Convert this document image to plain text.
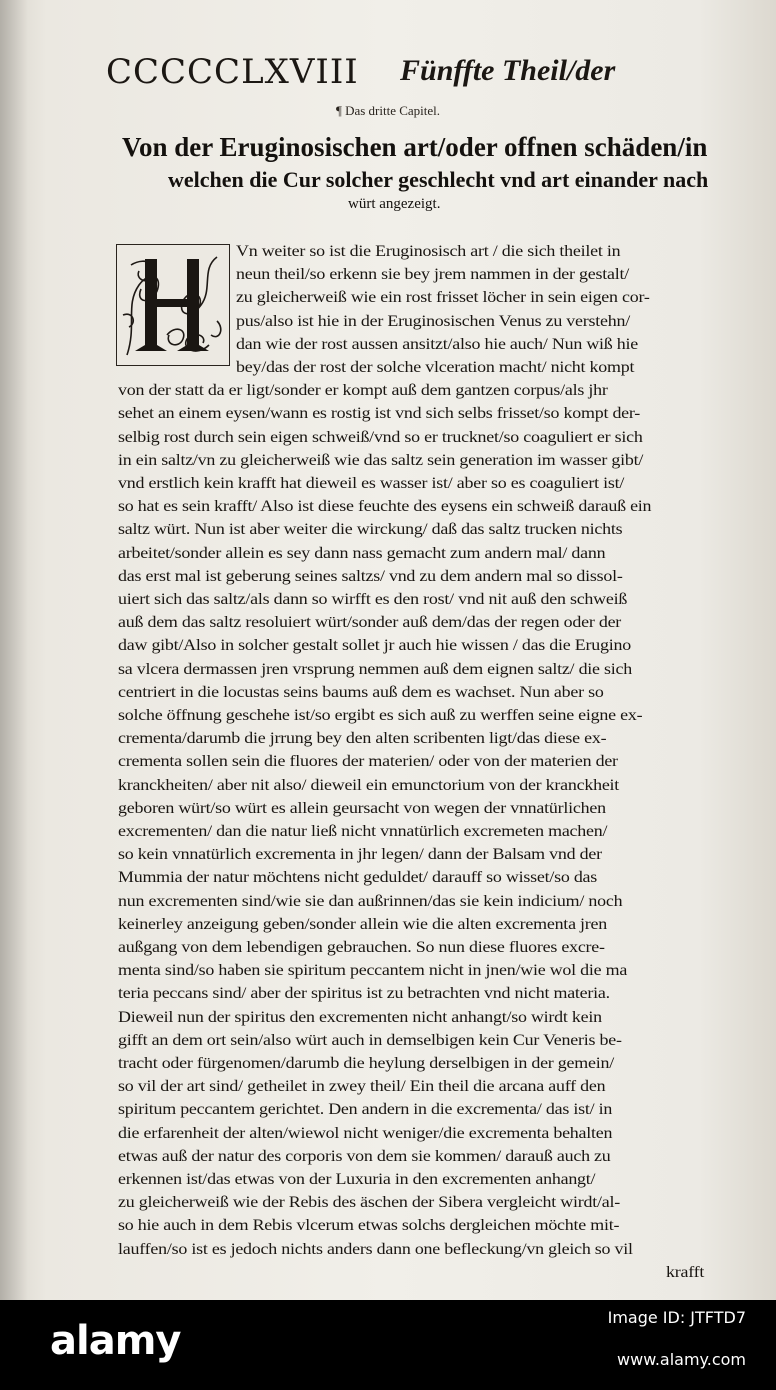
CCCCCLXVIII Fünffte Theil/der
¶ Das dritte Capitel.
Von der Eruginosischen art/oder offnen schäden/in
welchen die Cur solcher geschlecht vnd art einander nach
würt angezeigt.
Vn weiter so ist die Eruginosisch art / die sich theilet in
neun theil/so erkenn sie bey jrem nammen in der gestalt/
zu gleicherweiß wie ein rost frisset löcher in sein eigen cor-
pus/also ist hie in der Eruginosischen Venus zu verstehn/
dan wie der rost aussen ansitzt/also hie auch/ Nun wiß hie
bey/das der rost der solche vlceration macht/ nicht kompt
von der statt da er ligt/sonder er kompt auß dem gantzen corpus/als jhr
sehet an einem eysen/wann es rostig ist vnd sich selbs frisset/so kompt der-
selbig rost durch sein eigen schweiß/vnd so er trucknet/so coaguliert er sich
in ein saltz/vn zu gleicherweiß wie das saltz sein generation im wasser gibt/
vnd erstlich kein krafft hat dieweil es wasser ist/ aber so es coaguliert ist/
so hat es sein krafft/ Also ist diese feuchte des eysens ein schweiß darauß ein
saltz würt. Nun ist aber weiter die wirckung/ daß das saltz trucken nichts
arbeitet/sonder allein es sey dann nass gemacht zum andern mal/ dann
das erst mal ist geberung seines saltzs/ vnd zu dem andern mal so dissol-
uiert sich das saltz/als dann so wirfft es den rost/ vnd nit auß den schweiß
auß dem das saltz resoluiert würt/sonder auß dem/das der regen oder der
daw gibt/Also in solcher gestalt sollet jr auch hie wissen / das die Erugino
sa vlcera dermassen jren vrsprung nemmen auß dem eignen saltz/ die sich
centriert in die locustas seins baums auß dem es wachset. Nun aber so
solche öffnung geschehe ist/so ergibt es sich auß zu werffen seine eigne ex-
crementa/darumb die jrrung bey den alten scribenten ligt/das diese ex-
crementa sollen sein die fluores der materien/ oder von der materien der
kranckheiten/ aber nit also/ dieweil ein emunctorium von der kranckheit
geboren würt/so würt es allein geursacht von wegen der vnnatürlichen
excrementen/ dan die natur ließ nicht vnnatürlich excremeten machen/
so kein vnnatürlich excrementa in jhr legen/ dann der Balsam vnd der
Mummia der natur möchtens nicht geduldet/ darauff so wisset/so das
nun excrementen sind/wie sie dan außrinnen/das sie kein indicium/ noch
keinerley anzeigung geben/sonder allein wie die alten excrementa jren
außgang von dem lebendigen gebrauchen. So nun diese fluores excre-
menta sind/so haben sie spiritum peccantem nicht in jnen/wie wol die ma
teria peccans sind/ aber der spiritus ist zu betrachten vnd nicht materia.
Dieweil nun der spiritus den excrementen nicht anhangt/so wirdt kein
gifft an dem ort sein/also würt auch in demselbigen kein Cur Veneris be-
tracht oder fürgenomen/darumb die heylung derselbigen in der gemein/
so vil der art sind/ getheilet in zwey theil/ Ein theil die arcana auff den
spiritum peccantem gerichtet. Den andern in die excrementa/ das ist/ in
die erfarenheit der alten/wiewol nicht weniger/die excrementa behalten
etwas auß der natur des corporis von dem sie kommen/ darauß auch zu
erkennen ist/das etwas von der Luxuria in den excrementen anhangt/
zu gleicherweiß wie der Rebis des äschen der Sibera vergleicht wirdt/al-
so hie auch in dem Rebis vlcerum etwas solchs dergleichen möchte mit-
lauffen/so ist es jedoch nichts anders dann one befleckung/vn gleich so vil
krafft
alamy
Image ID: JTFTD7
www.alamy.com
